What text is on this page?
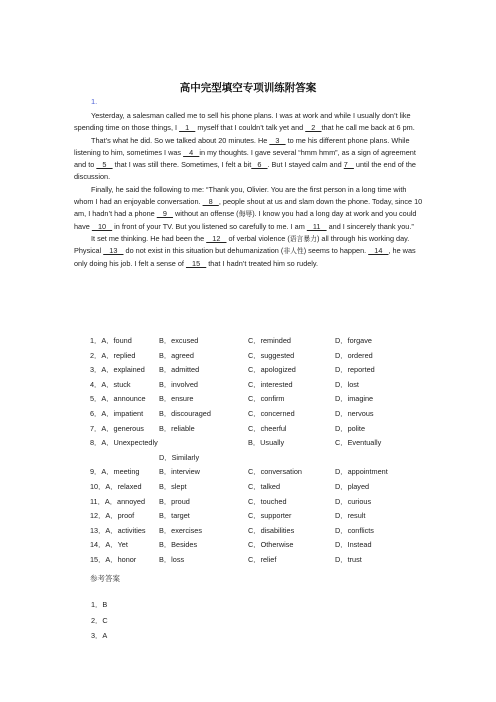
高中完型填空专项训练附答案
1.

Yesterday, a salesman called me to sell his phone plans. I was at work and while I usually don’t like spending time on those things, I    1    myself that I couldn’t talk yet and    2   that he call me back at 6 pm.

That’s what he did. So we talked about 20 minutes. He    3    to me his different phone plans. While listening to him, sometimes I was    4   in my thoughts. I gave several “hmm hmm”, as a sign of agreement and to    5    that I was still there. Sometimes, I felt a bit   6   . But I stayed calm and 7    until the end of the discussion.

Finally, he said the following to me: “Thank you, Olivier. You are the first person in a long time with whom I had an enjoyable conversation.    8   , people shout at us and slam down the phone. Today, since 10 am, I hadn’t had a phone    9    without an offense (侮辱). I know you had a long day at work and you could have    10    in front of your TV. But you listened so carefully to me. I am    11    and I sincerely thank you.”

It set me thinking. He had been the    12    of verbal violence (语言暴力) all through his working day. Physical    13    do not exist in this situation but dehumanization (非人性) seems to happen.    14   , he was only doing his job. I felt a sense of    15    that I hadn’t treated him so rudely.

1．A．found	B．excused	C．reminded	D．forgave
2．A．replied	B．agreed	C．suggested	D．ordered
3．A．explained B．admitted	C．apologized	D．reported
4．A．stuck	B．involved	C．interested	D．lost
5．A．announce B．ensure	C．confirm	D．imagine
6．A．impatient B．discouraged	C．concerned	D．nervous
7．A．generous B．reliable	C．cheerful	D．polite
8．A．Unexpectedly	B．Usually	C．Eventually
D．Similarly
9．A．meeting	B．interview	C．conversation	D．appointment
10．A．relaxed B．slept	C．talked	D．played
11．A．annoyed B．proud	C．touched	D．curious
12．A．proof	B．target	C．supporter	D．result
13．A．activities B．exercises	C．disabilities	D．conflicts
14．A．Yet	B．Besides	C．Otherwise	D．Instead
15．A．honor	B．loss	C．relief	D．trust
参考答案
1．B
2．C
3．A
